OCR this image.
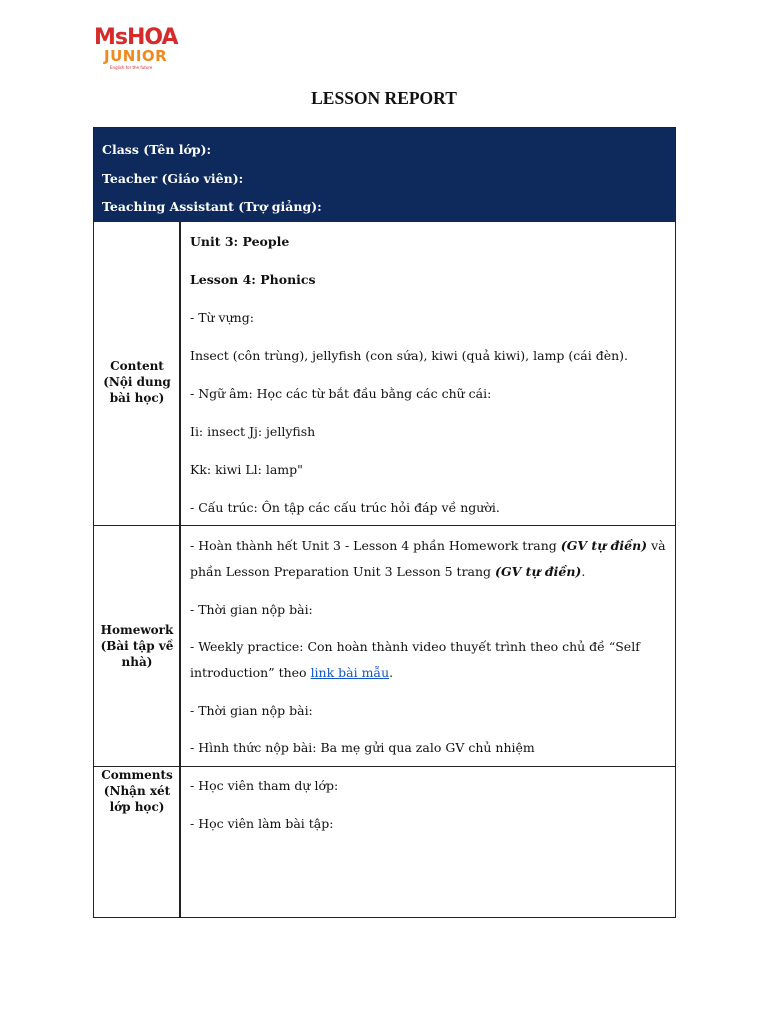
MsHOA
JUNIOR
English for the future
LESSON REPORT
Class (Tên lớp):
Teacher (Giáo viên):
Teaching Assistant (Trợ giảng):
Content
(Nội dung
bài học)

Unit 3: People

Lesson 4: Phonics

- Từ vựng:

Insect (côn trùng), jellyfish (con sứa), kiwi (quả kiwi), lamp (cái đèn).

- Ngữ âm: Học các từ bắt đầu bằng các chữ cái:

Ii: insect Jj: jellyfish

Kk: kiwi Ll: lamp"

- Cấu trúc: Ôn tập các cấu trúc hỏi đáp về người.

Homework
(Bài tập về
nhà)

- Hoàn thành hết Unit 3 - Lesson 4 phần Homework trang (GV tự điền) và

phần Lesson Preparation Unit 3 Lesson 5 trang (GV tự điền).

- Thời gian nộp bài:

- Weekly practice: Con hoàn thành video thuyết trình theo chủ đề “Self

introduction” theo link bài mẫu.

- Thời gian nộp bài:

- Hình thức nộp bài: Ba mẹ gửi qua zalo GV chủ nhiệm

Comments
(Nhận xét
lớp học)

- Học viên tham dự lớp:

- Học viên làm bài tập:
